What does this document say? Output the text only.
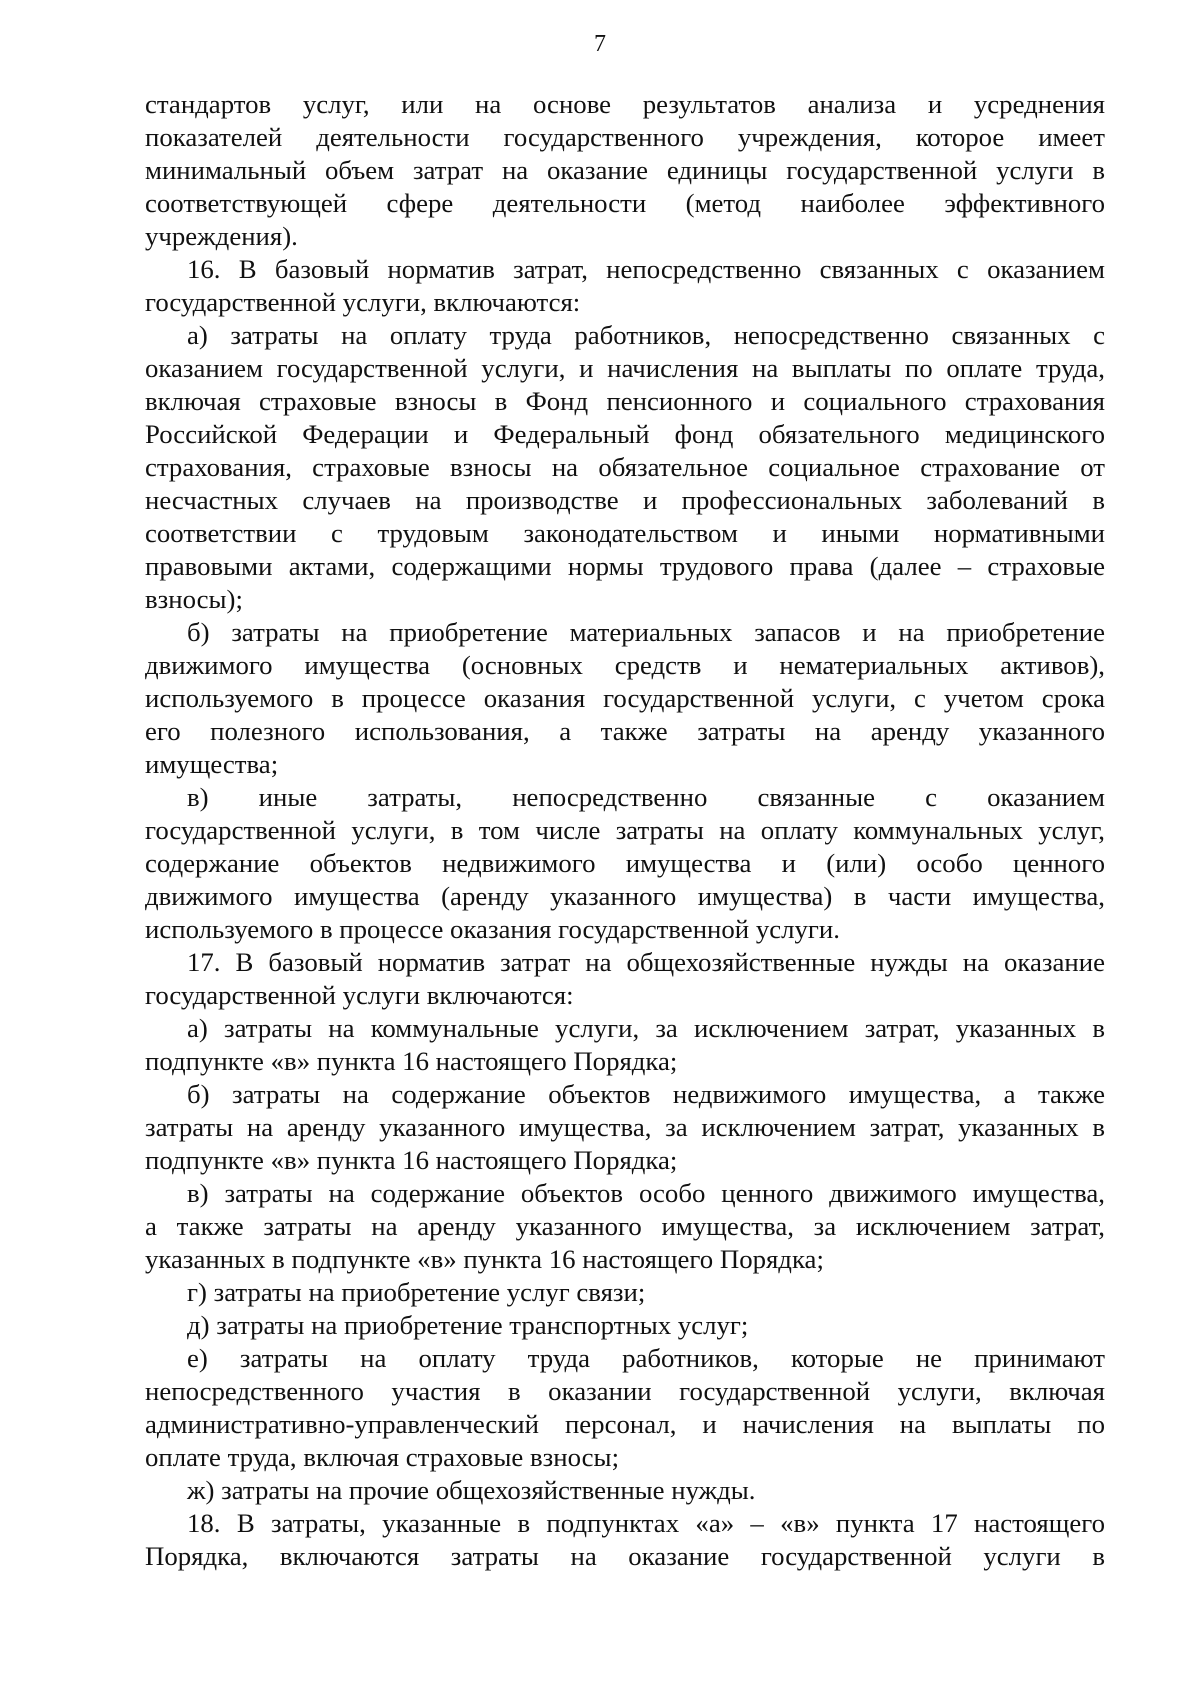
7

стандартов услуг, или на основе результатов анализа и усреднения

показателей деятельности государственного учреждения, которое имеет

минимальный объем затрат на оказание единицы государственной услуги в

соответствующей сфере деятельности (метод наиболее эффективного

учреждения).

16. В базовый норматив затрат, непосредственно связанных с оказанием

государственной услуги, включаются:

а) затраты на оплату труда работников, непосредственно связанных с

оказанием государственной услуги, и начисления на выплаты по оплате труда,

включая страховые взносы в Фонд пенсионного и социального страхования

Российской Федерации и Федеральный фонд обязательного медицинского

страхования, страховые взносы на обязательное социальное страхование от

несчастных случаев на производстве и профессиональных заболеваний в

соответствии с трудовым законодательством и иными нормативными

правовыми актами, содержащими нормы трудового права (далее – страховые

взносы);

б) затраты на приобретение материальных запасов и на приобретение

движимого имущества (основных средств и нематериальных активов),

используемого в процессе оказания государственной услуги, с учетом срока

его полезного использования, а также затраты на аренду указанного

имущества;

в) иные затраты, непосредственно связанные с оказанием

государственной услуги, в том числе затраты на оплату коммунальных услуг,

содержание объектов недвижимого имущества и (или) особо ценного

движимого имущества (аренду указанного имущества) в части имущества,

используемого в процессе оказания государственной услуги.

17. В базовый норматив затрат на общехозяйственные нужды на оказание

государственной услуги включаются:

а) затраты на коммунальные услуги, за исключением затрат, указанных в

подпункте «в» пункта 16 настоящего Порядка;

б) затраты на содержание объектов недвижимого имущества, а также

затраты на аренду указанного имущества, за исключением затрат, указанных в

подпункте «в» пункта 16 настоящего Порядка;

в) затраты на содержание объектов особо ценного движимого имущества,

а также затраты на аренду указанного имущества, за исключением затрат,

указанных в подпункте «в» пункта 16 настоящего Порядка;

г) затраты на приобретение услуг связи;

д) затраты на приобретение транспортных услуг;

е) затраты на оплату труда работников, которые не принимают

непосредственного участия в оказании государственной услуги, включая

административно-управленческий персонал, и начисления на выплаты по

оплате труда, включая страховые взносы;

ж) затраты на прочие общехозяйственные нужды.

18. В затраты, указанные в подпунктах «а» – «в» пункта 17 настоящего

Порядка, включаются затраты на оказание государственной услуги в
